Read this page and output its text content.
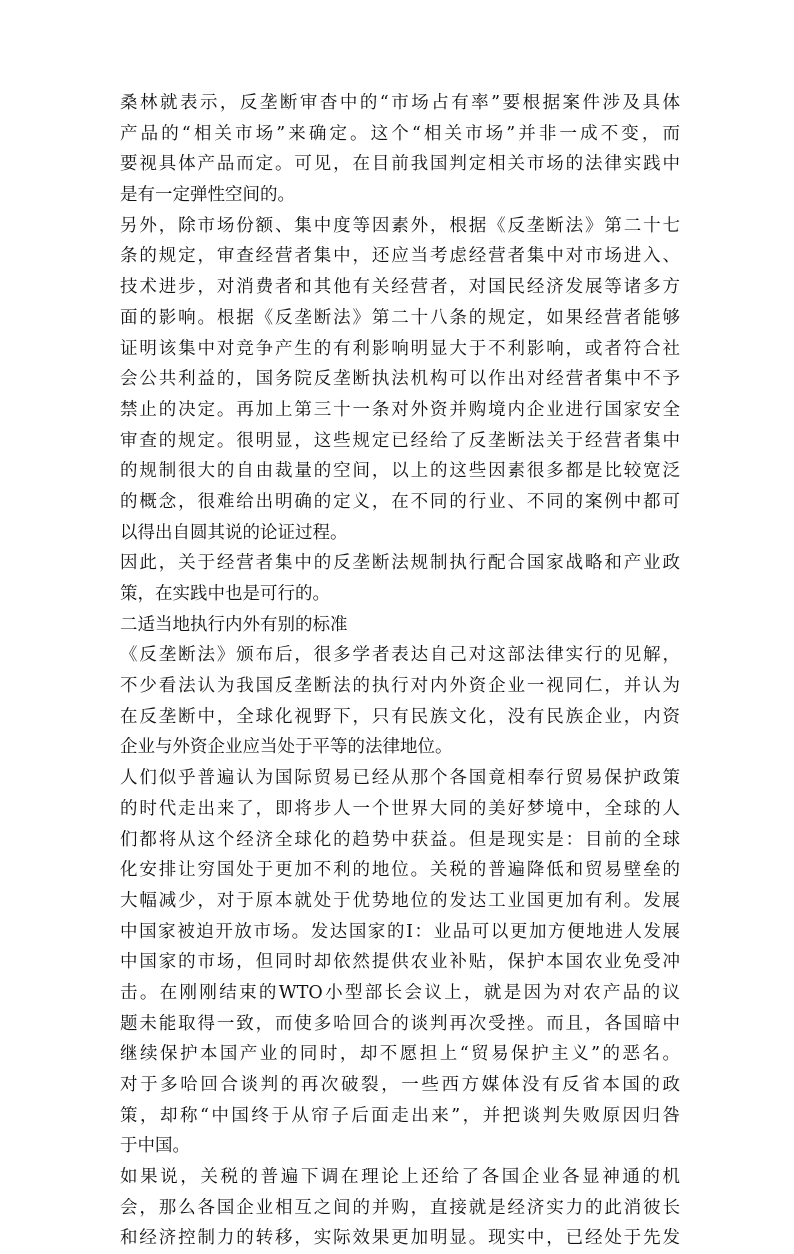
桑林就表示，反垄断审杳中的“市场占有率”要根据案件涉及具体
产品的“相关市场”来确定。这个“相关市场”并非一成不变，而
要视具体产品而定。可见，在目前我国判定相关市场的法律实践中
是有一定弹性空间的。
另外，除市场份额、集中度等因素外，根据《反垄断法》第二十七
条的规定，审查经营者集中，还应当考虑经营者集中对市场进入、
技术进步，对消费者和其他有关经营者，对国民经济发展等诸多方
面的影响。根据《反垄断法》第二十八条的规定，如果经营者能够
证明该集中对竞争产生的有利影响明显大于不利影响，或者符合社
会公共利益的，国务院反垄断执法机构可以作出对经营者集中不予
禁止的决定。再加上第三十一条对外资并购境内企业进行国家安全
审查的规定。很明显，这些规定已经给了反垄断法关于经营者集中
的规制很大的自由裁量的空间，以上的这些因素很多都是比较宽泛
的概念，很难给出明确的定义，在不同的行业、不同的案例中都可
以得出自圆其说的论证过程。
因此，关于经营者集中的反垄断法规制执行配合国家战略和产业政
策，在实践中也是可行的。
二适当地执行内外有别的标准
《反垄断法》颁布后，很多学者表达自己对这部法律实行的见解，
不少看法认为我国反垄断法的执行对内外资企业一视同仁，并认为
在反垄断中，全球化视野下，只有民族文化，没有民族企业，内资
企业与外资企业应当处于平等的法律地位。
人们似乎普遍认为国际贸易已经从那个各国竟相奉行贸易保护政策
的时代走出来了，即将步人一个世界大同的美好梦境中，全球的人
们都将从这个经济全球化的趋势中获益。但是现实是：目前的全球
化安排让穷国处于更加不利的地位。关税的普遍降低和贸易壁垒的
大幅减少，对于原本就处于优势地位的发达工业国更加有利。发展
中国家被迫开放市场。发达国家的I：业品可以更加方便地进人发展
中国家的市场，但同时却依然提供农业补贴，保护本国农业免受冲
击。在刚刚结束的WTO小型部长会议上，就是因为对农产品的议
题未能取得一致，而使多哈回合的谈判再次受挫。而且，各国暗中
继续保护本国产业的同时，却不愿担上“贸易保护主义”的恶名。
对于多哈回合谈判的再次破裂，一些西方媒体没有反省本国的政
策，却称“中国终于从帘子后面走出来”，并把谈判失败原因归咎
于中国。
如果说，关税的普遍下调在理论上还给了各国企业各显神通的机
会，那么各国企业相互之间的并购，直接就是经济实力的此消彼长
和经济控制力的转移，实际效果更加明显。现实中，已经处于先发
